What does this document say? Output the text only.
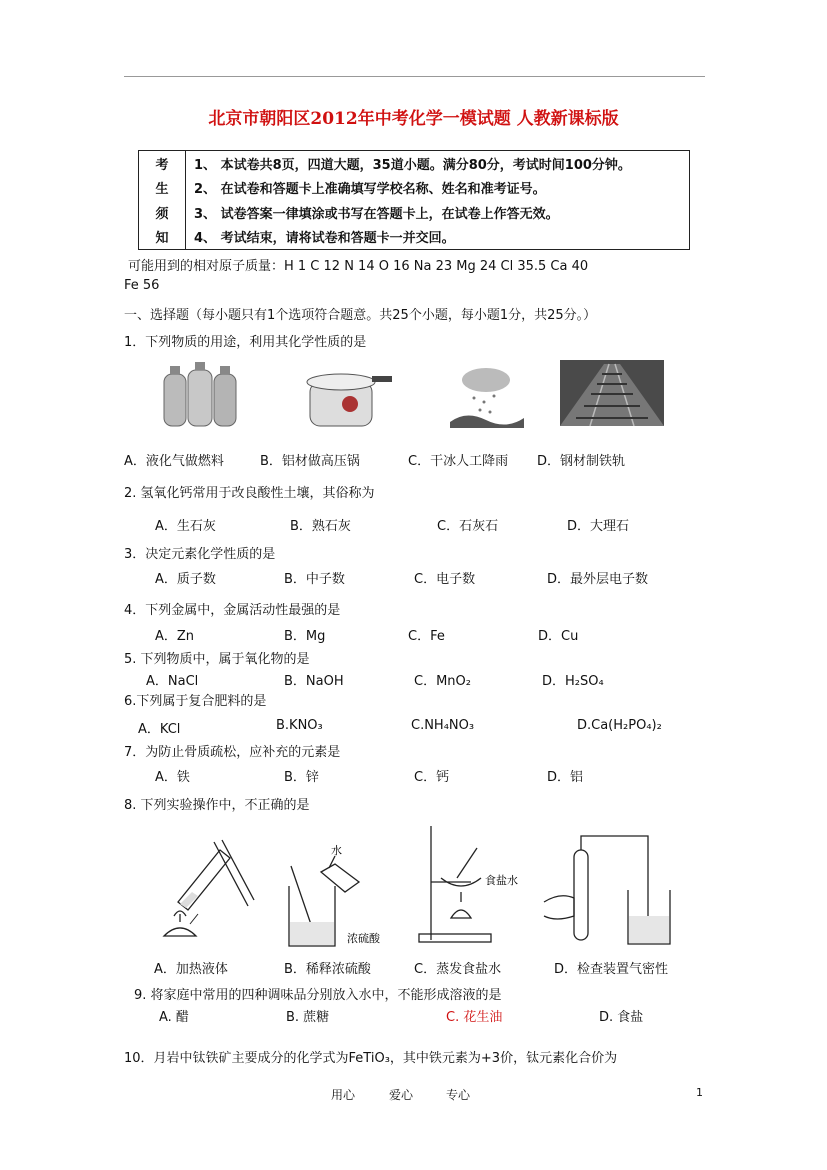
北京市朝阳区2012年中考化学一模试题 人教新课标版
考	1、 本试卷共8页，四道大题，35道小题。满分80分，考试时间100分钟。
生	2、 在试卷和答题卡上准确填写学校名称、姓名和准考证号。
须	3、 试卷答案一律填涂或书写在答题卡上，在试卷上作答无效。
知	4、 考试结束，请将试卷和答题卡一并交回。
可能用到的相对原子质量：H 1 C 12 N 14 O 16 Na 23 Mg 24 Cl 35.5 Ca 40
Fe 56
一、选择题（每小题只有1个选项符合题意。共25个小题，每小题1分，共25分。）
1．下列物质的用途，利用其化学性质的是
A．液化气做燃料	B．铝材做高压锅	C．干冰人工降雨 D．钢材制铁轨
2. 氢氧化钙常用于改良酸性土壤，其俗称为
A．生石灰	B．熟石灰	C．石灰石	D．大理石
3．决定元素化学性质的是
A．质子数	B．中子数	C．电子数	D．最外层电子数
4．下列金属中，金属活动性最强的是
A．Zn	B．Mg	C．Fe	D．Cu
5. 下列物质中，属于氧化物的是
A．NaCl	B．NaOH	C．MnO₂	D．H₂SO₄
6.下列属于复合肥料的是
A．KCl	B.KNO₃	C.NH₄NO₃	D.Ca(H₂PO₄)₂
7．为防止骨质疏松，应补充的元素是
A．铁	B．锌	C．钙	D．铝
8. 下列实验操作中，不正确的是
水
浓硫酸
食盐水
A．加热液体	B．稀释浓硫酸	C．蒸发食盐水	D．检查装置气密性
9. 将家庭中常用的四种调味品分别放入水中，不能形成溶液的是
A. 醋	B. 蔗糖	C. 花生油	D. 食盐
10．月岩中钛铁矿主要成分的化学式为FeTiO₃，其中铁元素为+3价，钛元素化合价为
用心	爱心	专心	1
